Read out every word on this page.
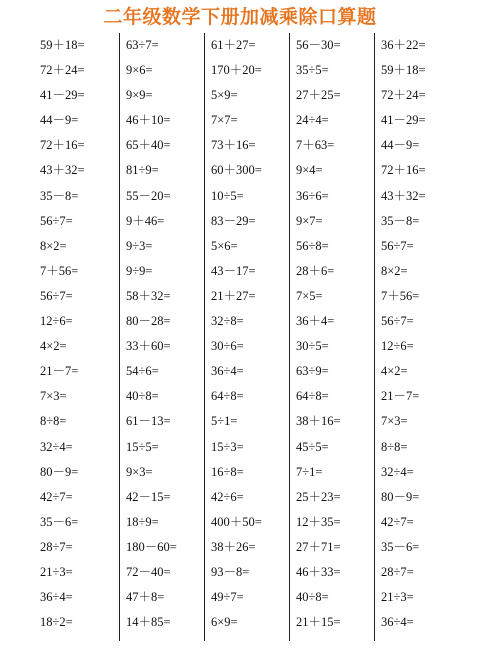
二年级数学下册加减乘除口算题
59＋18=
72＋24=
41－29=
44－9=
72＋16=
43＋32=
35－8=
56÷7=
8×2=
7＋56=
56÷7=
12÷6=
4×2=
21－7=
7×3=
8÷8=
32÷4=
80－9=
42÷7=
35－6=
28÷7=
21÷3=
36÷4=
18÷2=
63÷7=
9×6=
9×9=
46＋10=
65＋40=
81÷9=
55－20=
9＋46=
9÷3=
9÷9=
58＋32=
80－28=
33＋60=
54÷6=
40÷8=
61－13=
15÷5=
9×3=
42－15=
18÷9=
180－60=
72－40=
47＋8=
14＋85=
61＋27=
170＋20=
5×9=
7×7=
73＋16=
60＋300=
10÷5=
83－29=
5×6=
43－17=
21＋27=
32÷8=
30÷6=
36÷4=
64÷8=
5÷1=
15÷3=
16÷8=
42÷6=
400＋50=
38＋26=
93－8=
49÷7=
6×9=
56－30=
35÷5=
27＋25=
24÷4=
7＋63=
9×4=
36÷6=
9×7=
56÷8=
28＋6=
7×5=
36＋4=
30÷5=
63÷9=
64÷8=
38＋16=
45÷5=
7÷1=
25＋23=
12＋35=
27＋71=
46＋33=
40÷8=
21＋15=
36＋22=
59＋18=
72＋24=
41－29=
44－9=
72＋16=
43＋32=
35－8=
56÷7=
8×2=
7＋56=
56÷7=
12÷6=
4×2=
21－7=
7×3=
8÷8=
32÷4=
80－9=
42÷7=
35－6=
28÷7=
21÷3=
36÷4=
